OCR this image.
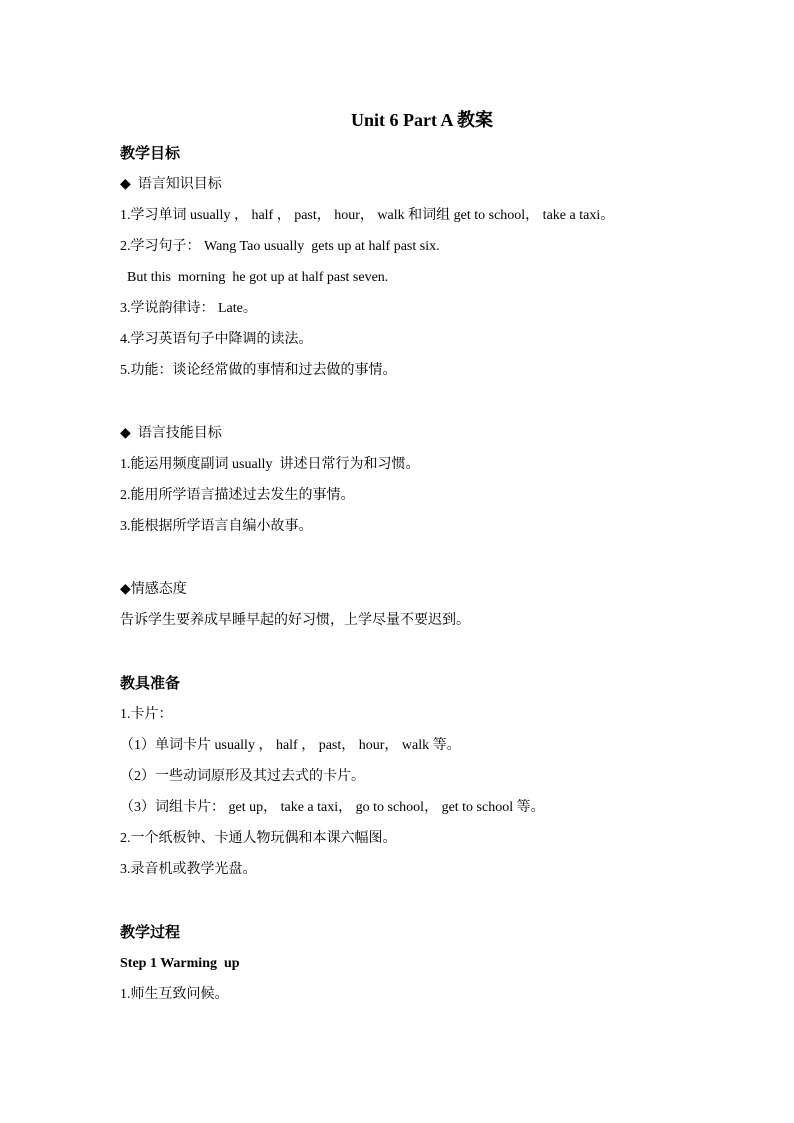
Unit 6 Part A 教案
教学目标
◆  语言知识目标
1.学习单词 usually ， half ， past， hour， walk 和词组 get to school， take a taxi。
2.学习句子： Wang Tao usually  gets up at half past six.
But this  morning  he got up at half past seven.
3.学说韵律诗： Late。
4.学习英语句子中降调的读法。
5.功能：谈论经常做的事情和过去做的事情。
◆  语言技能目标
1.能运用频度副词 usually  讲述日常行为和习惯。
2.能用所学语言描述过去发生的事情。
3.能根据所学语言自编小故事。
◆情感态度
告诉学生要养成早睡早起的好习惯，上学尽量不要迟到。
教具准备
1.卡片：
（1）单词卡片 usually ， half ， past， hour， walk 等。
（2）一些动词原形及其过去式的卡片。
（3）词组卡片： get up， take a taxi， go to school， get to school 等。
2.一个纸板钟、卡通人物玩偶和本课六幅图。
3.录音机或教学光盘。
教学过程
Step 1 Warming  up
1.师生互致问候。
